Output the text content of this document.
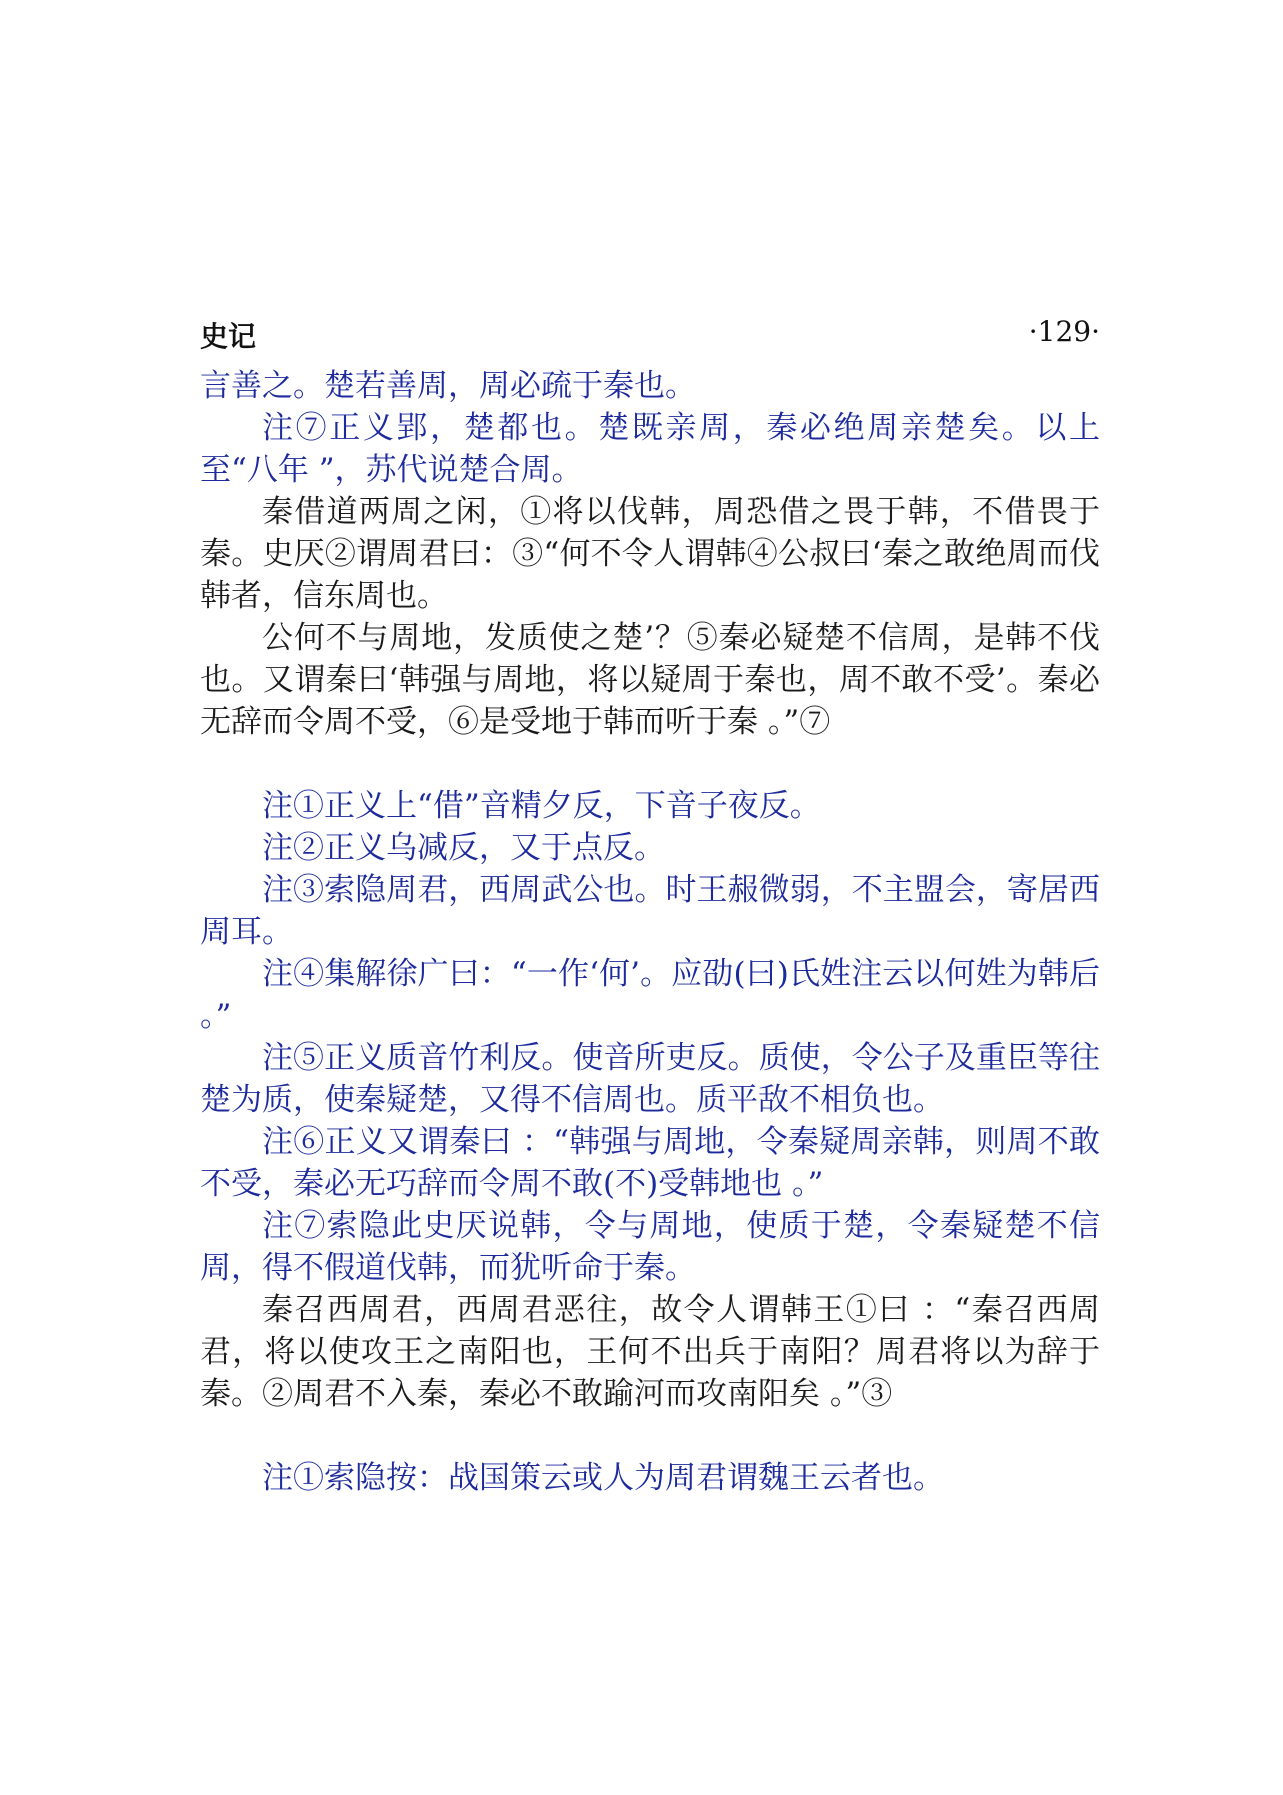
史记	·129·

言善之。楚若善周，周必疏于秦也。

注⑦正义郢，楚都也。楚既亲周，秦必绝周亲楚矣。以上至“八年 ”，苏代说楚合周。

秦借道两周之闲，①将以伐韩，周恐借之畏于韩，不借畏于秦。史厌②谓周君曰：③“何不令人谓韩④公叔曰‘秦之敢绝周而伐韩者，信东周也。

公何不与周地，发质使之楚’？⑤秦必疑楚不信周，是韩不伐也。又谓秦曰‘韩强与周地，将以疑周于秦也，周不敢不受’。秦必无辞而令周不受，⑥是受地于韩而听于秦 。”⑦

注①正义上“借”音精夕反，下音子夜反。

注②正义乌减反，又于点反。

注③索隐周君，西周武公也。时王赧微弱，不主盟会，寄居西周耳。

注④集解徐广曰：“一作‘何’。应劭(曰)氏姓注云以何姓为韩后 。”

注⑤正义质音竹利反。使音所吏反。质使，令公子及重臣等往楚为质，使秦疑楚，又得不信周也。质平敌不相负也。

注⑥正义又谓秦曰 ：“韩强与周地，令秦疑周亲韩，则周不敢不受，秦必无巧辞而令周不敢(不)受韩地也 。”

注⑦索隐此史厌说韩，令与周地，使质于楚，令秦疑楚不信周，得不假道伐韩，而犹听命于秦。

秦召西周君，西周君恶往，故令人谓韩王①曰 ：“秦召西周君，将以使攻王之南阳也，王何不出兵于南阳？周君将以为辞于秦。②周君不入秦，秦必不敢踰河而攻南阳矣 。”③

注①索隐按：战国策云或人为周君谓魏王云者也。
